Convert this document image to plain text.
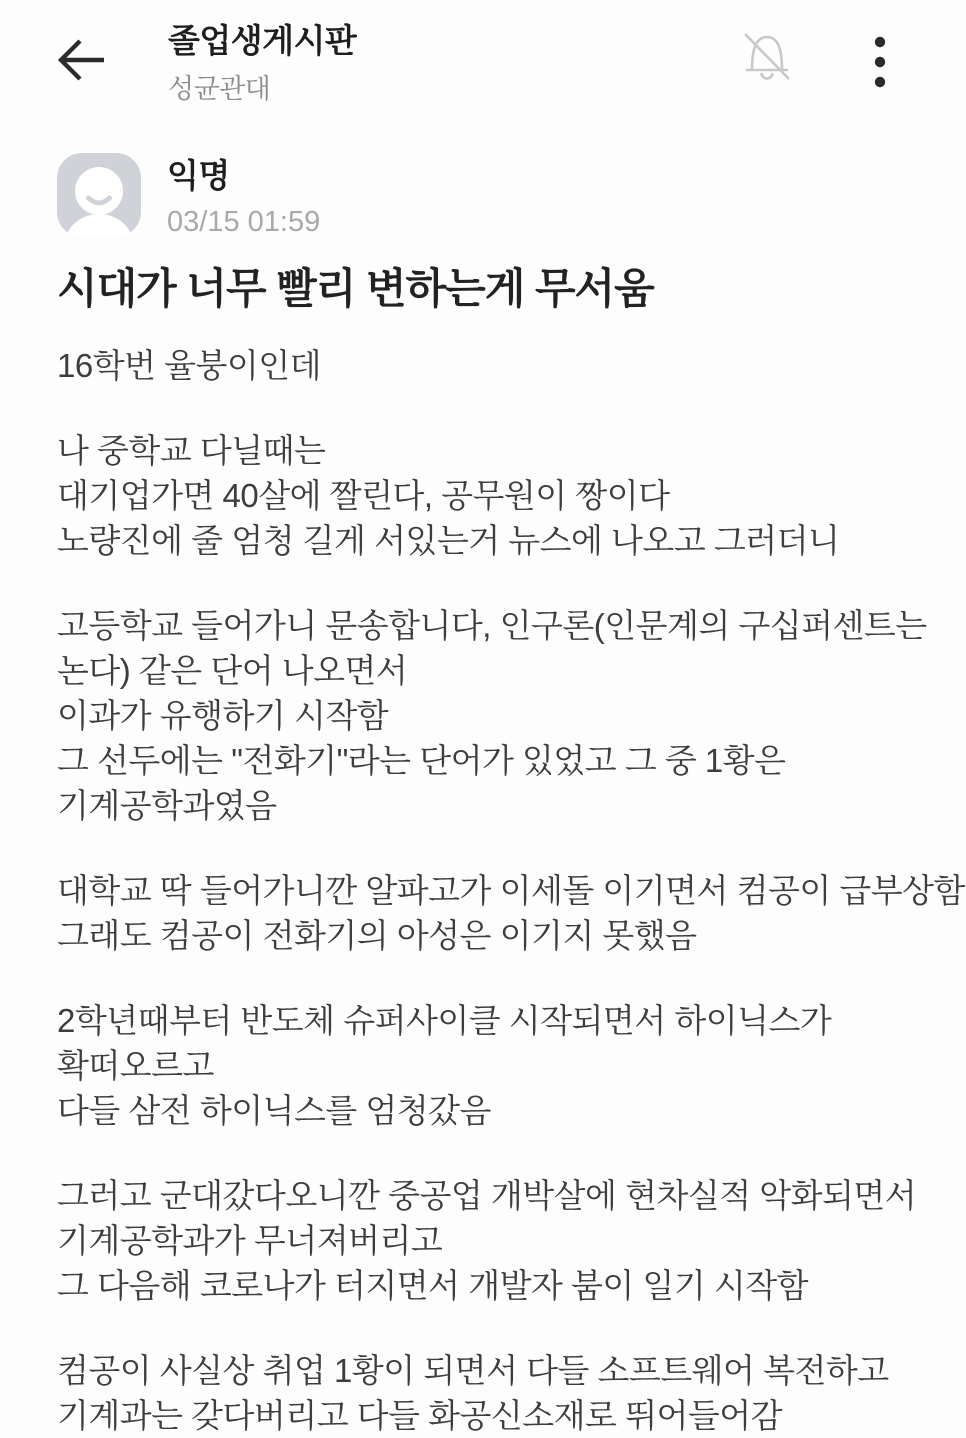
졸업생게시판
성균관대
익명
03/15 01:59
시대가 너무 빨리 변하는게 무서움
16학번 율붕이인데
나 중학교 다닐때는
대기업가면 40살에 짤린다, 공무원이 짱이다
노량진에 줄 엄청 길게 서있는거 뉴스에 나오고 그러더니
고등학교 들어가니 문송합니다, 인구론(인문계의 구십퍼센트는
논다) 같은 단어 나오면서
이과가 유행하기 시작함
그 선두에는 "전화기"라는 단어가 있었고 그 중 1황은
기계공학과였음
대학교 딱 들어가니깐 알파고가 이세돌 이기면서 컴공이 급부상함
그래도 컴공이 전화기의 아성은 이기지 못했음
2학년때부터 반도체 슈퍼사이클 시작되면서 하이닉스가
확떠오르고
다들 삼전 하이닉스를 엄청갔음
그러고 군대갔다오니깐 중공업 개박살에 현차실적 악화되면서
기계공학과가 무너져버리고
그 다음해 코로나가 터지면서 개발자 붐이 일기 시작함
컴공이 사실상 취업 1황이 되면서 다들 소프트웨어 복전하고
기계과는 갖다버리고 다들 화공신소재로 뛰어들어감
